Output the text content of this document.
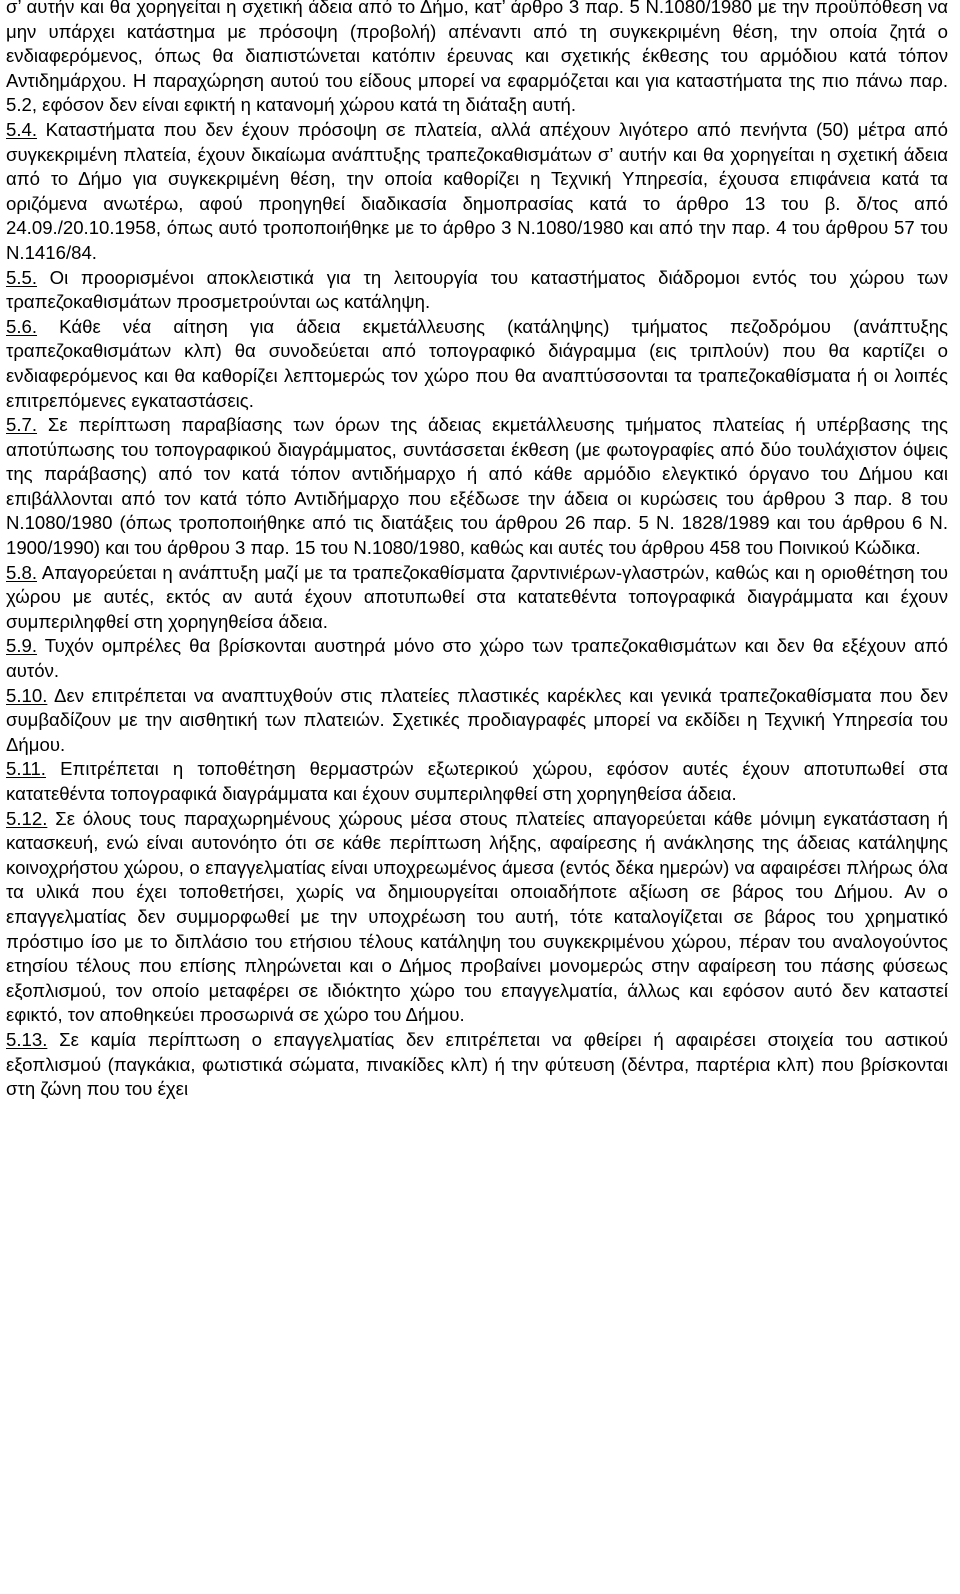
σ’ αυτήν και θα χορηγείται η σχετική άδεια από το Δήμο, κατ’ άρθρο 3 παρ. 5 Ν.1080/1980 με την προϋπόθεση να μην υπάρχει κατάστημα με πρόσοψη (προβολή) απέναντι από τη συγκεκριμένη θέση, την οποία ζητά ο ενδιαφερόμενος, όπως θα διαπιστώνεται κατόπιν έρευνας και σχετικής έκθεσης του αρμόδιου κατά τόπον Αντιδημάρχου. Η παραχώρηση αυτού του είδους μπορεί να εφαρμόζεται και για καταστήματα της πιο πάνω παρ. 5.2, εφόσον δεν είναι εφικτή η κατανομή χώρου κατά τη διάταξη αυτή.

5.4. Καταστήματα που δεν έχουν πρόσοψη σε πλατεία, αλλά απέχουν λιγότερο από πενήντα (50) μέτρα από συγκεκριμένη πλατεία, έχουν δικαίωμα ανάπτυξης τραπεζοκαθισμάτων σ’ αυτήν και θα χορηγείται η σχετική άδεια από το Δήμο για συγκεκριμένη θέση, την οποία καθορίζει η Τεχνική Υπηρεσία, έχουσα επιφάνεια κατά τα οριζόμενα ανωτέρω, αφού προηγηθεί διαδικασία δημοπρασίας κατά το άρθρο 13 του β. δ/τος από 24.09./20.10.1958, όπως αυτό τροποποιήθηκε με το άρθρο 3 Ν.1080/1980 και από την παρ. 4 του άρθρου 57 του Ν.1416/84.

5.5. Οι προορισμένοι αποκλειστικά για τη λειτουργία του καταστήματος διάδρομοι εντός του χώρου των τραπεζοκαθισμάτων προσμετρούνται ως κατάληψη.

5.6. Κάθε νέα αίτηση για άδεια εκμετάλλευσης (κατάληψης) τμήματος πεζοδρόμου (ανάπτυξης τραπεζοκαθισμάτων κλπ) θα συνοδεύεται από τοπογραφικό διάγραμμα (εις τριπλούν) που θα καρτίζει ο ενδιαφερόμενος και θα καθορίζει λεπτομερώς τον χώρο που θα αναπτύσσονται τα τραπεζοκαθίσματα ή οι λοιπές επιτρεπόμενες εγκαταστάσεις.

5.7. Σε περίπτωση παραβίασης των όρων της άδειας εκμετάλλευσης τμήματος πλατείας ή υπέρβασης της αποτύπωσης του τοπογραφικού διαγράμματος, συντάσσεται έκθεση (με φωτογραφίες από δύο τουλάχιστον όψεις της παράβασης) από τον κατά τόπον αντιδήμαρχο ή από κάθε αρμόδιο ελεγκτικό όργανο του Δήμου και επιβάλλονται από τον κατά τόπο Αντιδήμαρχο που εξέδωσε την άδεια οι κυρώσεις του άρθρου 3 παρ. 8 του Ν.1080/1980 (όπως τροποποιήθηκε από τις διατάξεις του άρθρου 26 παρ. 5 Ν. 1828/1989 και του άρθρου 6 Ν. 1900/1990) και του άρθρου 3 παρ. 15 του Ν.1080/1980, καθώς και αυτές του άρθρου 458 του Ποινικού Κώδικα.

5.8. Απαγορεύεται η ανάπτυξη μαζί με τα τραπεζοκαθίσματα ζαρντινιέρων-γλαστρών, καθώς και η οριοθέτηση του χώρου με αυτές, εκτός αν αυτά έχουν αποτυπωθεί στα κατατεθέντα τοπογραφικά διαγράμματα και έχουν συμπεριληφθεί στη χορηγηθείσα άδεια.

5.9. Τυχόν ομπρέλες θα βρίσκονται αυστηρά μόνο στο χώρο των τραπεζοκαθισμάτων και δεν θα εξέχουν από αυτόν.

5.10. Δεν επιτρέπεται να αναπτυχθούν στις πλατείες πλαστικές καρέκλες και γενικά τραπεζοκαθίσματα που δεν συμβαδίζουν με την αισθητική των πλατειών. Σχετικές προδιαγραφές μπορεί να εκδίδει η Τεχνική Υπηρεσία του Δήμου.

5.11. Επιτρέπεται η τοποθέτηση θερμαστρών εξωτερικού χώρου, εφόσον αυτές έχουν αποτυπωθεί στα κατατεθέντα τοπογραφικά διαγράμματα και έχουν συμπεριληφθεί στη χορηγηθείσα άδεια.

5.12. Σε όλους τους παραχωρημένους χώρους μέσα στους πλατείες απαγορεύεται κάθε μόνιμη εγκατάσταση ή κατασκευή, ενώ είναι αυτονόητο ότι σε κάθε περίπτωση λήξης, αφαίρεσης ή ανάκλησης της άδειας κατάληψης κοινοχρήστου χώρου, ο επαγγελματίας είναι υποχρεωμένος άμεσα (εντός δέκα ημερών) να αφαιρέσει πλήρως όλα τα υλικά που έχει τοποθετήσει, χωρίς να δημιουργείται οποιαδήποτε αξίωση σε βάρος του Δήμου. Αν ο επαγγελματίας δεν συμμορφωθεί με την υποχρέωση του αυτή, τότε καταλογίζεται σε βάρος του χρηματικό πρόστιμο ίσο με το διπλάσιο του ετήσιου τέλους κατάληψη του συγκεκριμένου χώρου, πέραν του αναλογούντος ετησίου τέλους που επίσης πληρώνεται και ο Δήμος προβαίνει μονομερώς στην αφαίρεση του πάσης φύσεως εξοπλισμού, τον οποίο μεταφέρει σε ιδιόκτητο χώρο του επαγγελματία, άλλως και εφόσον αυτό δεν καταστεί εφικτό, τον αποθηκεύει προσωρινά σε χώρο του Δήμου.

5.13. Σε καμία περίπτωση ο επαγγελματίας δεν επιτρέπεται να φθείρει ή αφαιρέσει στοιχεία του αστικού εξοπλισμού (παγκάκια, φωτιστικά σώματα, πινακίδες κλπ) ή την φύτευση (δέντρα, παρτέρια κλπ) που βρίσκονται στη ζώνη που του έχει
